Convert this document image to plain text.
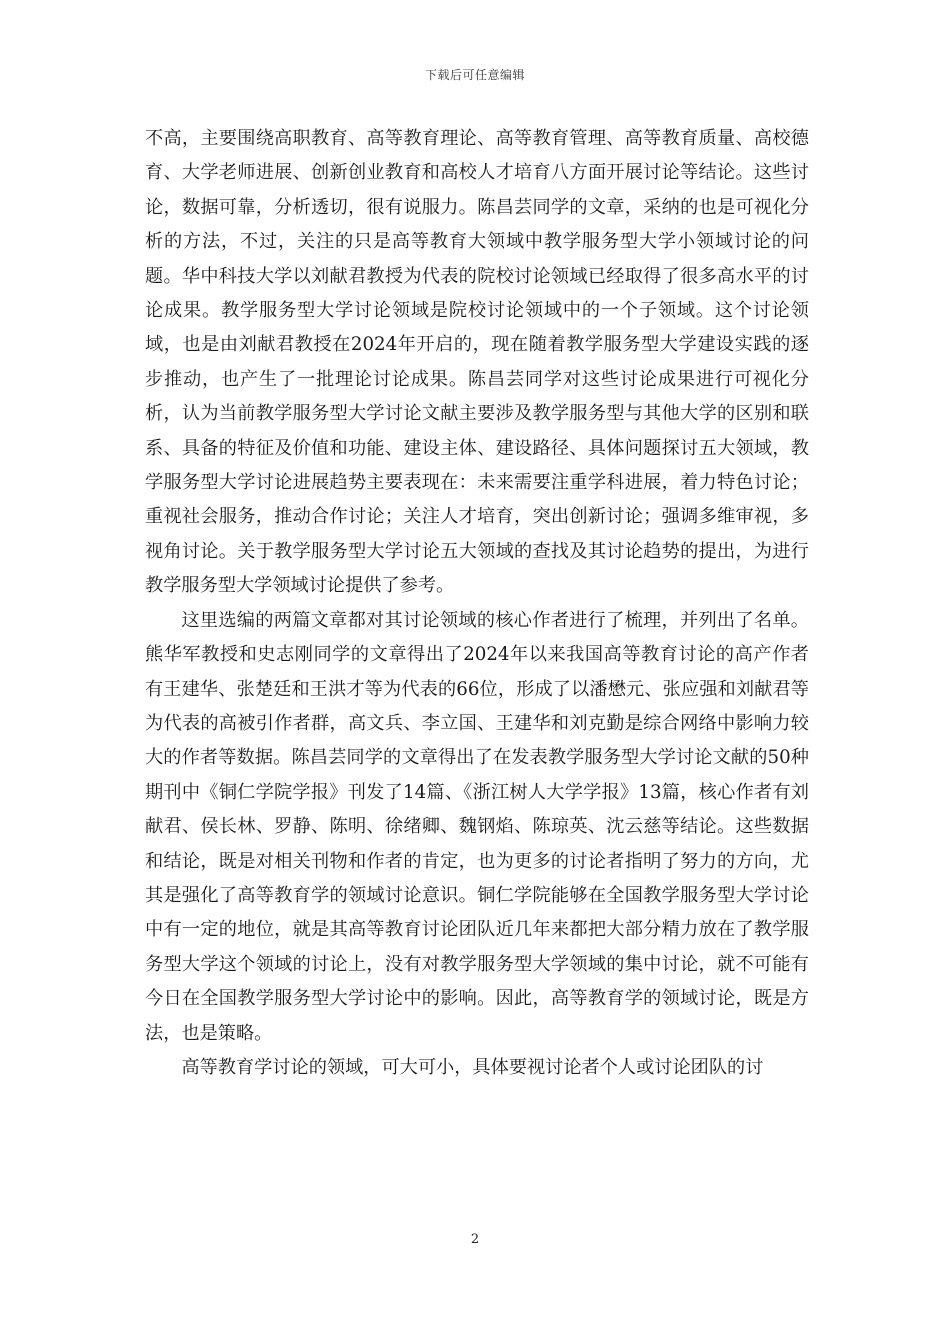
下载后可任意编辑

不高，主要围绕高职教育、高等教育理论、高等教育管理、高等教育质量、高校德育、大学老师进展、创新创业教育和高校人才培育八方面开展讨论等结论。这些讨论，数据可靠，分析透切，很有说服力。陈昌芸同学的文章，采纳的也是可视化分析的方法，不过，关注的只是高等教育大领域中教学服务型大学小领域讨论的问题。华中科技大学以刘献君教授为代表的院校讨论领域已经取得了很多高水平的讨论成果。教学服务型大学讨论领域是院校讨论领域中的一个子领域。这个讨论领域，也是由刘献君教授在2024年开启的，现在随着教学服务型大学建设实践的逐步推动，也产生了一批理论讨论成果。陈昌芸同学对这些讨论成果进行可视化分析，认为当前教学服务型大学讨论文献主要涉及教学服务型与其他大学的区别和联系、具备的特征及价值和功能、建设主体、建设路径、具体问题探讨五大领域，教学服务型大学讨论进展趋势主要表现在：未来需要注重学科进展，着力特色讨论；重视社会服务，推动合作讨论；关注人才培育，突出创新讨论；强调多维审视，多视角讨论。关于教学服务型大学讨论五大领域的查找及其讨论趋势的提出，为进行教学服务型大学领域讨论提供了参考。

这里选编的两篇文章都对其讨论领域的核心作者进行了梳理，并列出了名单。熊华军教授和史志刚同学的文章得出了2024年以来我国高等教育讨论的高产作者有王建华、张楚廷和王洪才等为代表的66位，形成了以潘懋元、张应强和刘献君等为代表的高被引作者群，高文兵、李立国、王建华和刘克勤是综合网络中影响力较大的作者等数据。陈昌芸同学的文章得出了在发表教学服务型大学讨论文献的50种期刊中《铜仁学院学报》刊发了14篇、《浙江树人大学学报》13篇，核心作者有刘献君、侯长林、罗静、陈明、徐绪卿、魏钢焰、陈琼英、沈云慈等结论。这些数据和结论，既是对相关刊物和作者的肯定，也为更多的讨论者指明了努力的方向，尤其是强化了高等教育学的领域讨论意识。铜仁学院能够在全国教学服务型大学讨论中有一定的地位，就是其高等教育讨论团队近几年来都把大部分精力放在了教学服务型大学这个领域的讨论上，没有对教学服务型大学领域的集中讨论，就不可能有今日在全国教学服务型大学讨论中的影响。因此，高等教育学的领域讨论，既是方法，也是策略。

高等教育学讨论的领域，可大可小，具体要视讨论者个人或讨论团队的讨

2
